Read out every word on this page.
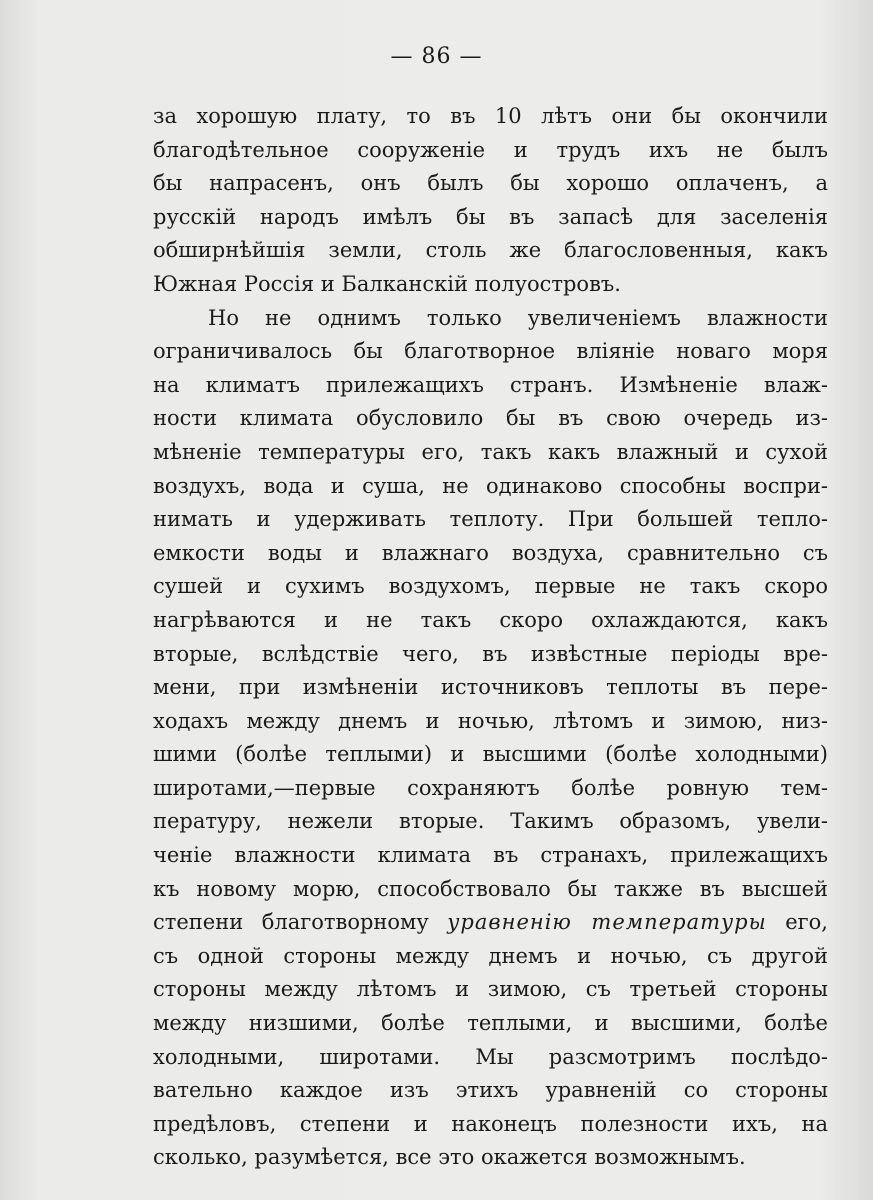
— 86 —
за хорошую плату, то въ 10 лѣтъ они бы окончили
благодѣтельное сооруженіе и трудъ ихъ не былъ
бы напрасенъ, онъ былъ бы хорошо оплаченъ, а
русскій народъ имѣлъ бы въ запасѣ для заселенія
обширнѣйшія земли, столь же благословенныя, какъ
Южная Россія и Балканскій полуостровъ.
Но не однимъ только увеличеніемъ влажности
ограничивалось бы благотворное вліяніе новаго моря
на климатъ прилежащихъ странъ. Измѣненіе влаж-
ности климата обусловило бы въ свою очередь из-
мѣненіе температуры его, такъ какъ влажный и сухой
воздухъ, вода и суша, не одинаково способны воспри-
нимать и удерживать теплоту. При большей тепло-
емкости воды и влажнаго воздуха, сравнительно съ
сушей и сухимъ воздухомъ, первые не такъ скоро
нагрѣваются и не такъ скоро охлаждаются, какъ
вторые, вслѣдствіе чего, въ извѣстные періоды вре-
мени, при измѣненіи источниковъ теплоты въ пере-
ходахъ между днемъ и ночью, лѣтомъ и зимою, низ-
шими (болѣе теплыми) и высшими (болѣе холодными)
широтами,—первые сохраняютъ болѣе ровную тем-
пературу, нежели вторые. Такимъ образомъ, увели-
ченіе влажности климата въ странахъ, прилежащихъ
къ новому морю, способствовало бы также въ высшей
степени благотворному уравненію температуры его,
съ одной стороны между днемъ и ночью, съ другой
стороны между лѣтомъ и зимою, съ третьей стороны
между низшими, болѣе теплыми, и высшими, болѣе
холодными, широтами. Мы разсмотримъ послѣдо-
вательно каждое изъ этихъ уравненій со стороны
предѣловъ, степени и наконецъ полезности ихъ, на
сколько, разумѣется, все это окажется возможнымъ.
